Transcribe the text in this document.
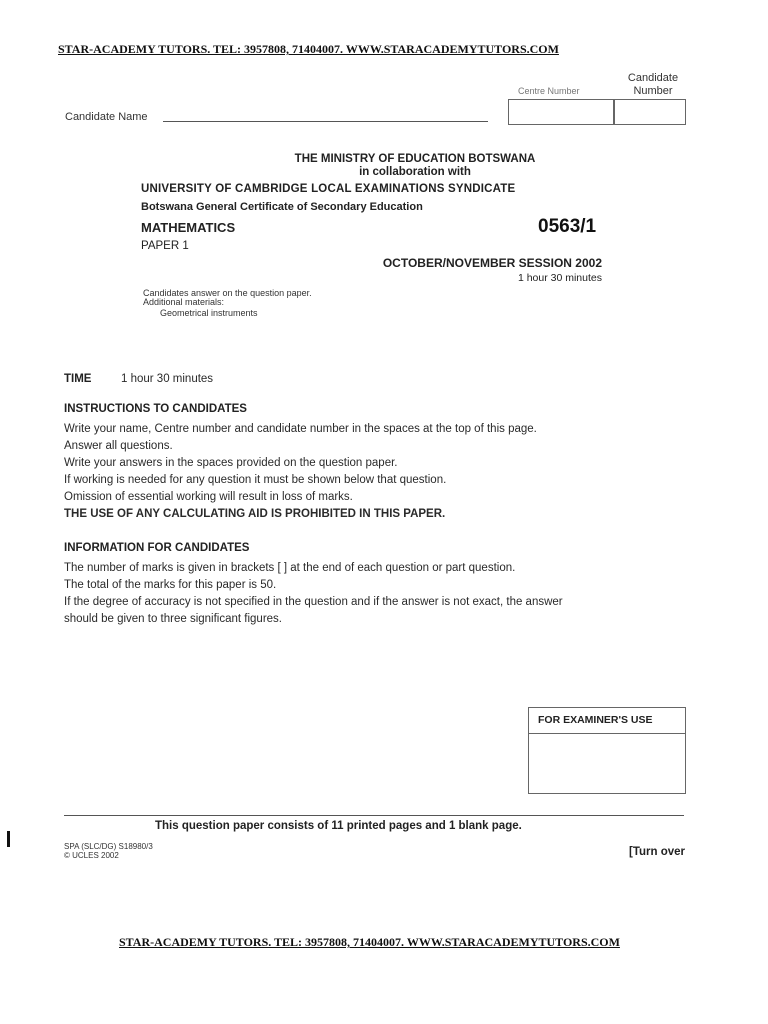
STAR-ACADEMY TUTORS. TEL: 3957808, 71404007. WWW.STARACADEMYTUTORS.COM
Centre Number
Candidate
Number
Candidate Name
THE MINISTRY OF EDUCATION BOTSWANA
in collaboration with
UNIVERSITY OF CAMBRIDGE LOCAL EXAMINATIONS SYNDICATE
Botswana General Certificate of Secondary Education
MATHEMATICS	0563/1
PAPER 1
OCTOBER/NOVEMBER SESSION 2002
1 hour 30 minutes
Candidates answer on the question paper.
Additional materials:
Geometrical instruments
TIME	1 hour 30 minutes
INSTRUCTIONS TO CANDIDATES
Write your name, Centre number and candidate number in the spaces at the top of this page.
Answer all questions.
Write your answers in the spaces provided on the question paper.
If working is needed for any question it must be shown below that question.
Omission of essential working will result in loss of marks.
THE USE OF ANY CALCULATING AID IS PROHIBITED IN THIS PAPER.
INFORMATION FOR CANDIDATES
The number of marks is given in brackets [ ] at the end of each question or part question.
The total of the marks for this paper is 50.
If the degree of accuracy is not specified in the question and if the answer is not exact, the answer
should be given to three significant figures.
FOR EXAMINER'S USE
This question paper consists of 11 printed pages and 1 blank page.
SPA (SLC/DG) S18980/3
© UCLES 2002	[Turn over
STAR-ACADEMY TUTORS. TEL: 3957808, 71404007. WWW.STARACADEMYTUTORS.COM
